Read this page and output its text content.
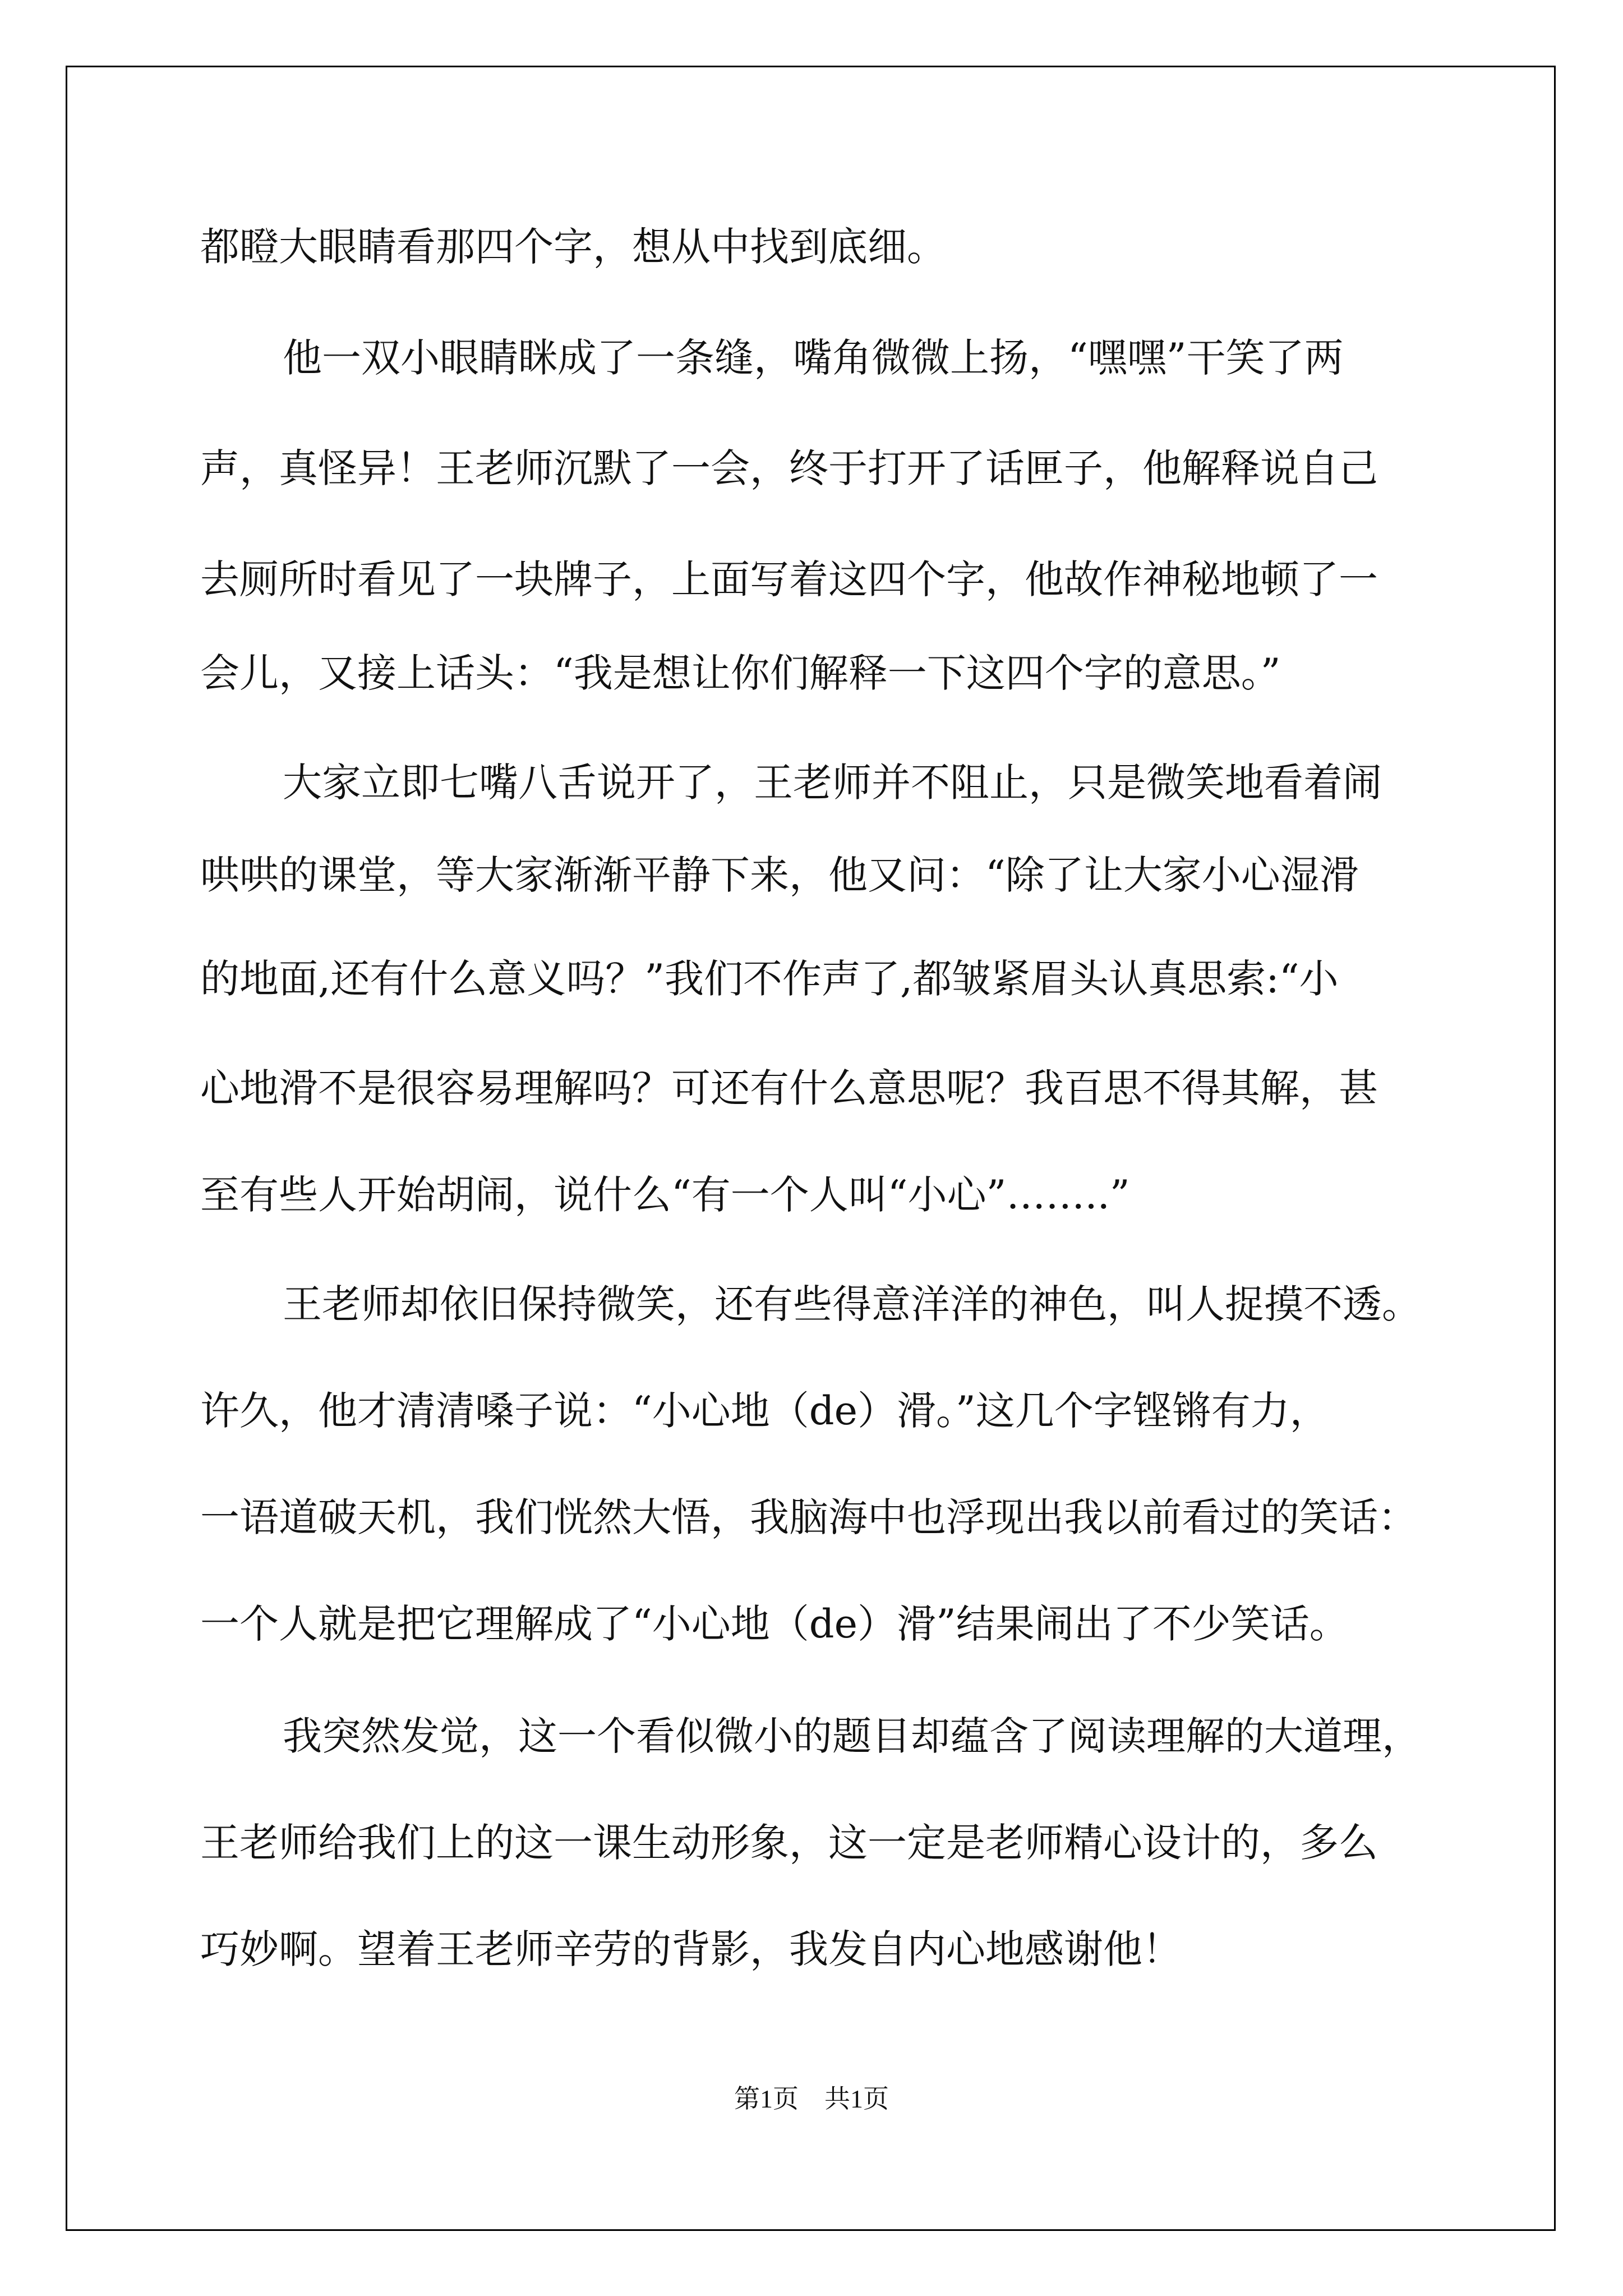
都瞪大眼睛看那四个字，想从中找到底细。
他一双小眼睛眯成了一条缝，嘴角微微上扬，“嘿嘿”干笑了两
声，真怪异！王老师沉默了一会，终于打开了话匣子，他解释说自己
去厕所时看见了一块牌子，上面写着这四个字，他故作神秘地顿了一
会儿，又接上话头：“我是想让你们解释一下这四个字的意思。”
大家立即七嘴八舌说开了，王老师并不阻止，只是微笑地看着闹
哄哄的课堂，等大家渐渐平静下来，他又问：“除了让大家小心湿滑
的地面,还有什么意义吗？”我们不作声了,都皱紧眉头认真思索:“小
心地滑不是很容易理解吗？可还有什么意思呢？我百思不得其解，甚
至有些人开始胡闹，说什么“有一个人叫“小心”……..”
王老师却依旧保持微笑，还有些得意洋洋的神色，叫人捉摸不透。
许久，他才清清嗓子说：“小心地（de）滑。”这几个字铿锵有力，
一语道破天机，我们恍然大悟，我脑海中也浮现出我以前看过的笑话：
一个人就是把它理解成了“小心地（de）滑”结果闹出了不少笑话。
我突然发觉，这一个看似微小的题目却蕴含了阅读理解的大道理，
王老师给我们上的这一课生动形象，这一定是老师精心设计的，多么
巧妙啊。望着王老师辛劳的背影，我发自内心地感谢他！
第1页　共1页
